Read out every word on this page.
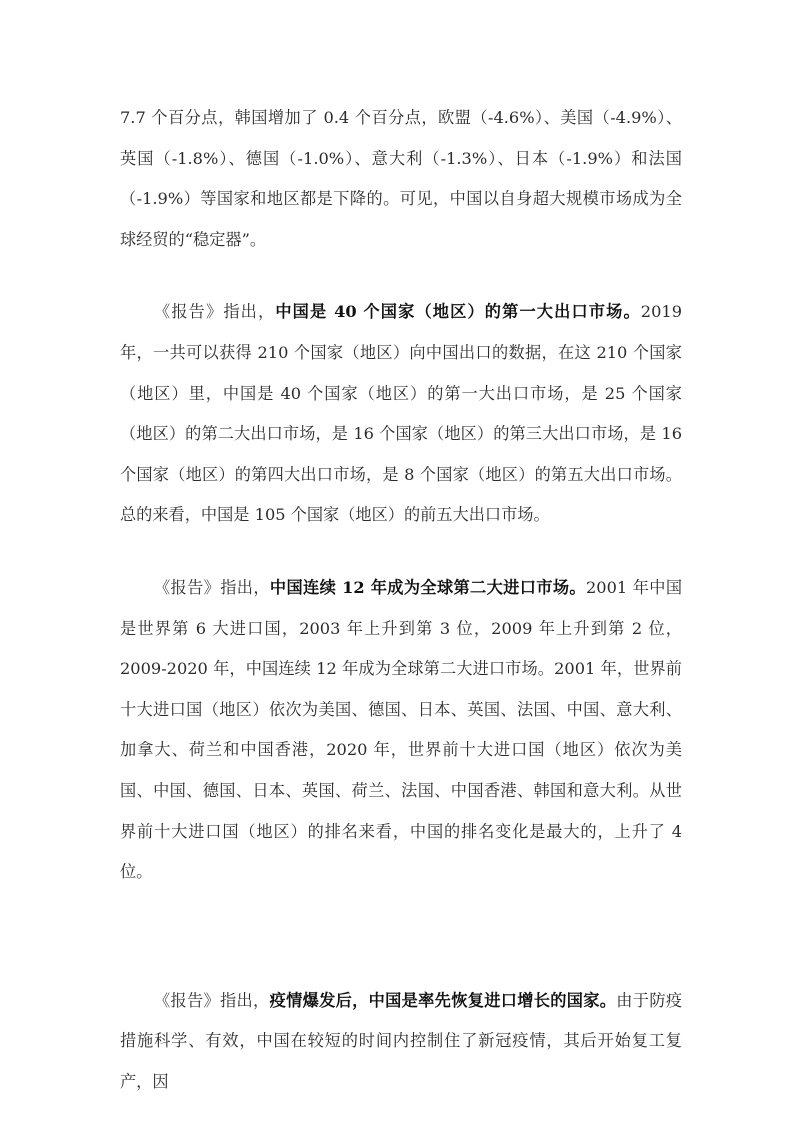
7.7 个百分点，韩国增加了 0.4 个百分点，欧盟（-4.6%）、美国（-4.9%）、英国（-1.8%）、德国（-1.0%）、意大利（-1.3%）、日本（-1.9%）和法国（-1.9%）等国家和地区都是下降的。可见，中国以自身超大规模市场成为全球经贸的“稳定器”。

《报告》指出，中国是 40 个国家（地区）的第一大出口市场。2019 年，一共可以获得 210 个国家（地区）向中国出口的数据，在这 210 个国家（地区）里，中国是 40 个国家（地区）的第一大出口市场，是 25 个国家（地区）的第二大出口市场，是 16 个国家（地区）的第三大出口市场，是 16 个国家（地区）的第四大出口市场，是 8 个国家（地区）的第五大出口市场。总的来看，中国是 105 个国家（地区）的前五大出口市场。

《报告》指出，中国连续 12 年成为全球第二大进口市场。2001 年中国是世界第 6 大进口国，2003 年上升到第 3 位，2009 年上升到第 2 位，2009-2020 年，中国连续 12 年成为全球第二大进口市场。2001 年，世界前十大进口国（地区）依次为美国、德国、日本、英国、法国、中国、意大利、加拿大、荷兰和中国香港，2020 年，世界前十大进口国（地区）依次为美国、中国、德国、日本、英国、荷兰、法国、中国香港、韩国和意大利。从世界前十大进口国（地区）的排名来看，中国的排名变化是最大的，上升了 4 位。

《报告》指出，疫情爆发后，中国是率先恢复进口增长的国家。由于防疫措施科学、有效，中国在较短的时间内控制住了新冠疫情，其后开始复工复产，因
